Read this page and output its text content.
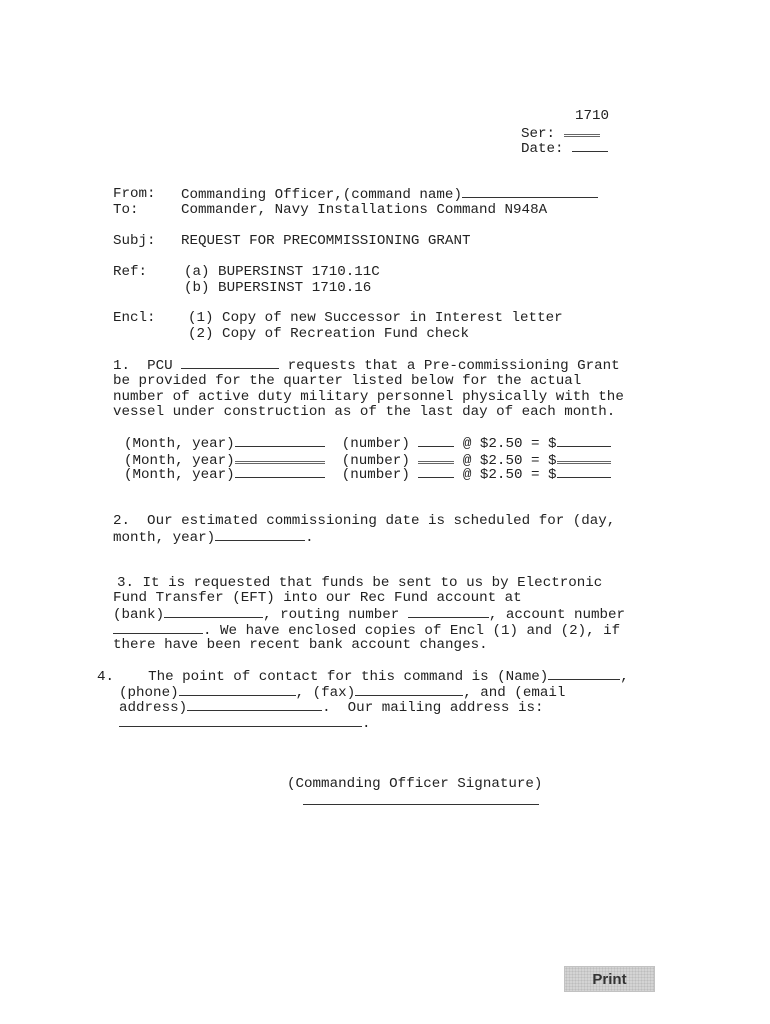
1710
Ser:
Date:
From: Commanding Officer,(command name)
To:	Commander, Navy Installations Command N948A
Subj: REQUEST FOR PRECOMMISSIONING GRANT
Ref:	(a) BUPERSINST 1710.11C
(b) BUPERSINST 1710.16
Encl: (1) Copy of new Successor in Interest letter
(2) Copy of Recreation Fund check
1. PCU	requests that a Pre-commissioning Grant
be provided for the quarter listed below for the actual
number of active duty military personnel physically with the
vessel under construction as of the last day of each month.
(Month, year)	(number)	@ $2.50 = $
(Month, year)	(number)	@ $2.50 = $
(Month, year)	(number)	@ $2.50 = $
2.  Our estimated commissioning date is scheduled for (day,
month, year)	.
3. It is requested that funds be sent to us by Electronic
Fund Transfer (EFT) into our Rec Fund account at
(bank)	, routing number	, account number
. We have enclosed copies of Encl (1) and (2), if
there have been recent bank account changes.
4. The point of contact for this command is (Name)	,
(phone)	, (fax)	, and (email
address)	.  Our mailing address is:
.
(Commanding Officer Signature)
Print
